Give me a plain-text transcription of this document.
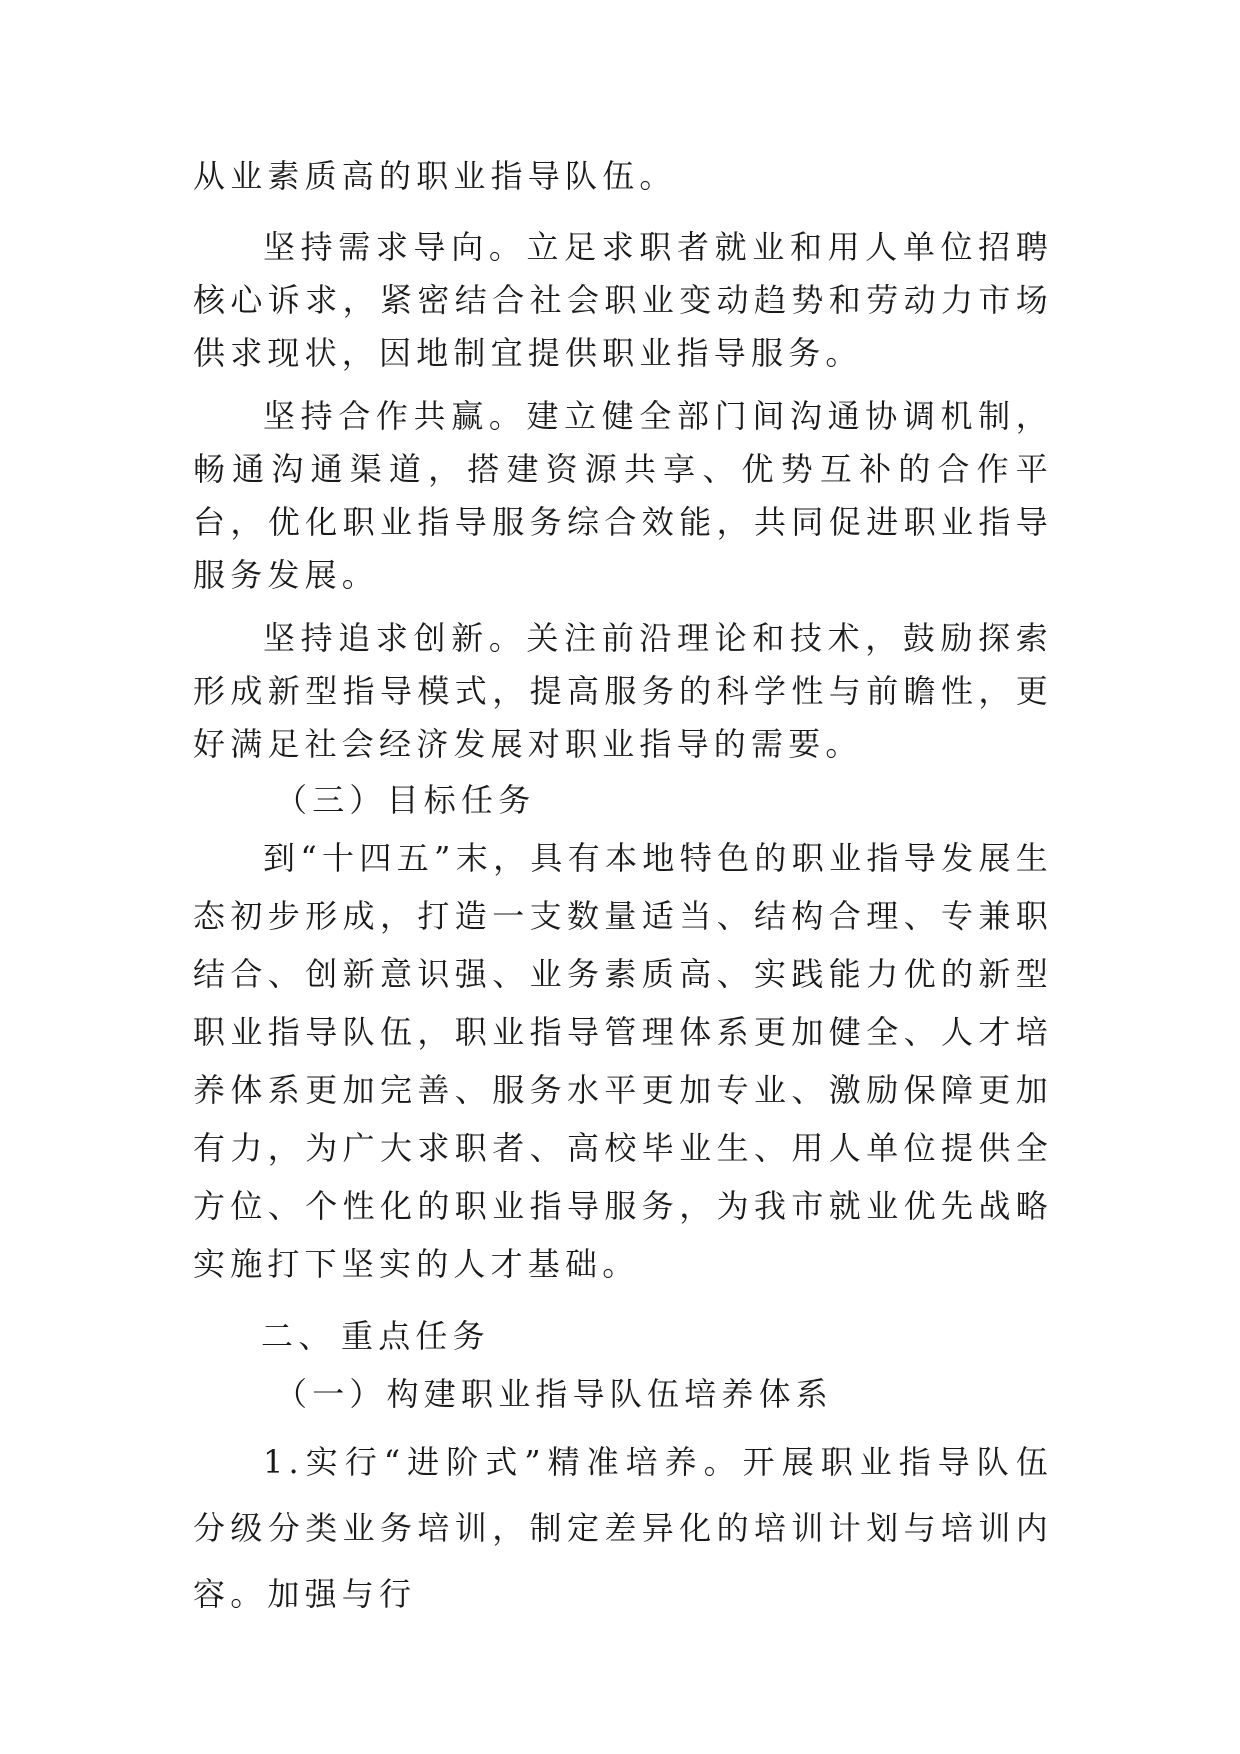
从业素质高的职业指导队伍。

坚持需求导向。立足求职者就业和用人单位招聘核心诉求，紧密结合社会职业变动趋势和劳动力市场供求现状，因地制宜提供职业指导服务。

坚持合作共赢。建立健全部门间沟通协调机制，畅通沟通渠道，搭建资源共享、优势互补的合作平台，优化职业指导服务综合效能，共同促进职业指导服务发展。

坚持追求创新。关注前沿理论和技术，鼓励探索形成新型指导模式，提高服务的科学性与前瞻性，更好满足社会经济发展对职业指导的需要。

（三）目标任务

到“十四五”末，具有本地特色的职业指导发展生态初步形成，打造一支数量适当、结构合理、专兼职结合、创新意识强、业务素质高、实践能力优的新型职业指导队伍，职业指导管理体系更加健全、人才培养体系更加完善、服务水平更加专业、激励保障更加有力，为广大求职者、高校毕业生、用人单位提供全方位、个性化的职业指导服务，为我市就业优先战略实施打下坚实的人才基础。

二、 重点任务

（一）构建职业指导队伍培养体系

1.实行“进阶式”精准培养。开展职业指导队伍分级分类业务培训，制定差异化的培训计划与培训内容。加强与行
